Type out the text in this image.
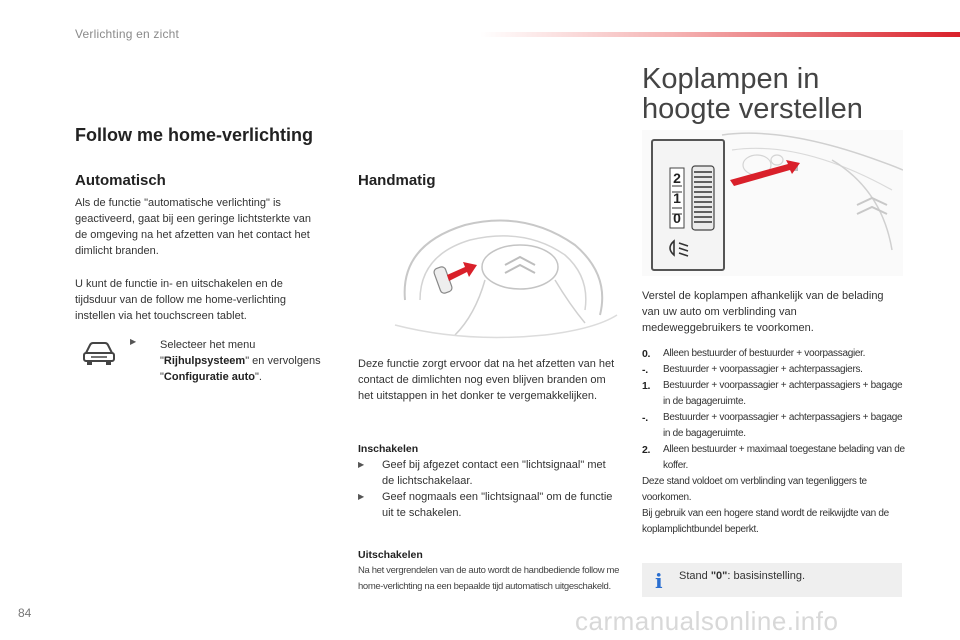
Verlichting en zicht
Follow me home-verlichting
Automatisch
Als de functie "automatische verlichting" is geactiveerd, gaat bij een geringe lichtsterkte van de omgeving na het afzetten van het contact het dimlicht branden.
U kunt de functie in- en uitschakelen en de tijdsduur van de follow me home-verlichting instellen via het touchscreen tablet.
▶	Selecteer het menu "Rijhulpsysteem" en vervolgens "Configuratie auto".
Handmatig
Deze functie zorgt ervoor dat na het afzetten van het contact de dimlichten nog even blijven branden om het uitstappen in het donker te vergemakkelijken.
Inschakelen
▶	Geef bij afgezet contact een "lichtsignaal" met de lichtschakelaar.
▶	Geef nogmaals een "lichtsignaal" om de functie uit te schakelen.
Uitschakelen
Na het vergrendelen van de auto wordt de handbediende follow me home-verlichting na een bepaalde tijd automatisch uitgeschakeld.
Koplampen in
hoogte verstellen
2
1
0
Verstel de koplampen afhankelijk van de belading van uw auto om verblinding van medeweggebruikers te voorkomen.
0.	Alleen bestuurder of bestuurder + voorpassagier.
-.	Bestuurder + voorpassagier + achterpassagiers.
1.	Bestuurder + voorpassagier + achterpassagiers + bagage in de bagageruimte.
-.	Bestuurder + voorpassagier + achterpassagiers + bagage in de bagageruimte.
2.	Alleen bestuurder + maximaal toegestane belading van de koffer.
Deze stand voldoet om verblinding van tegenliggers te voorkomen.
Bij gebruik van een hogere stand wordt de reikwijdte van de koplamplichtbundel beperkt.
i Stand "0": basisinstelling.
84	carmanualsonline.info
